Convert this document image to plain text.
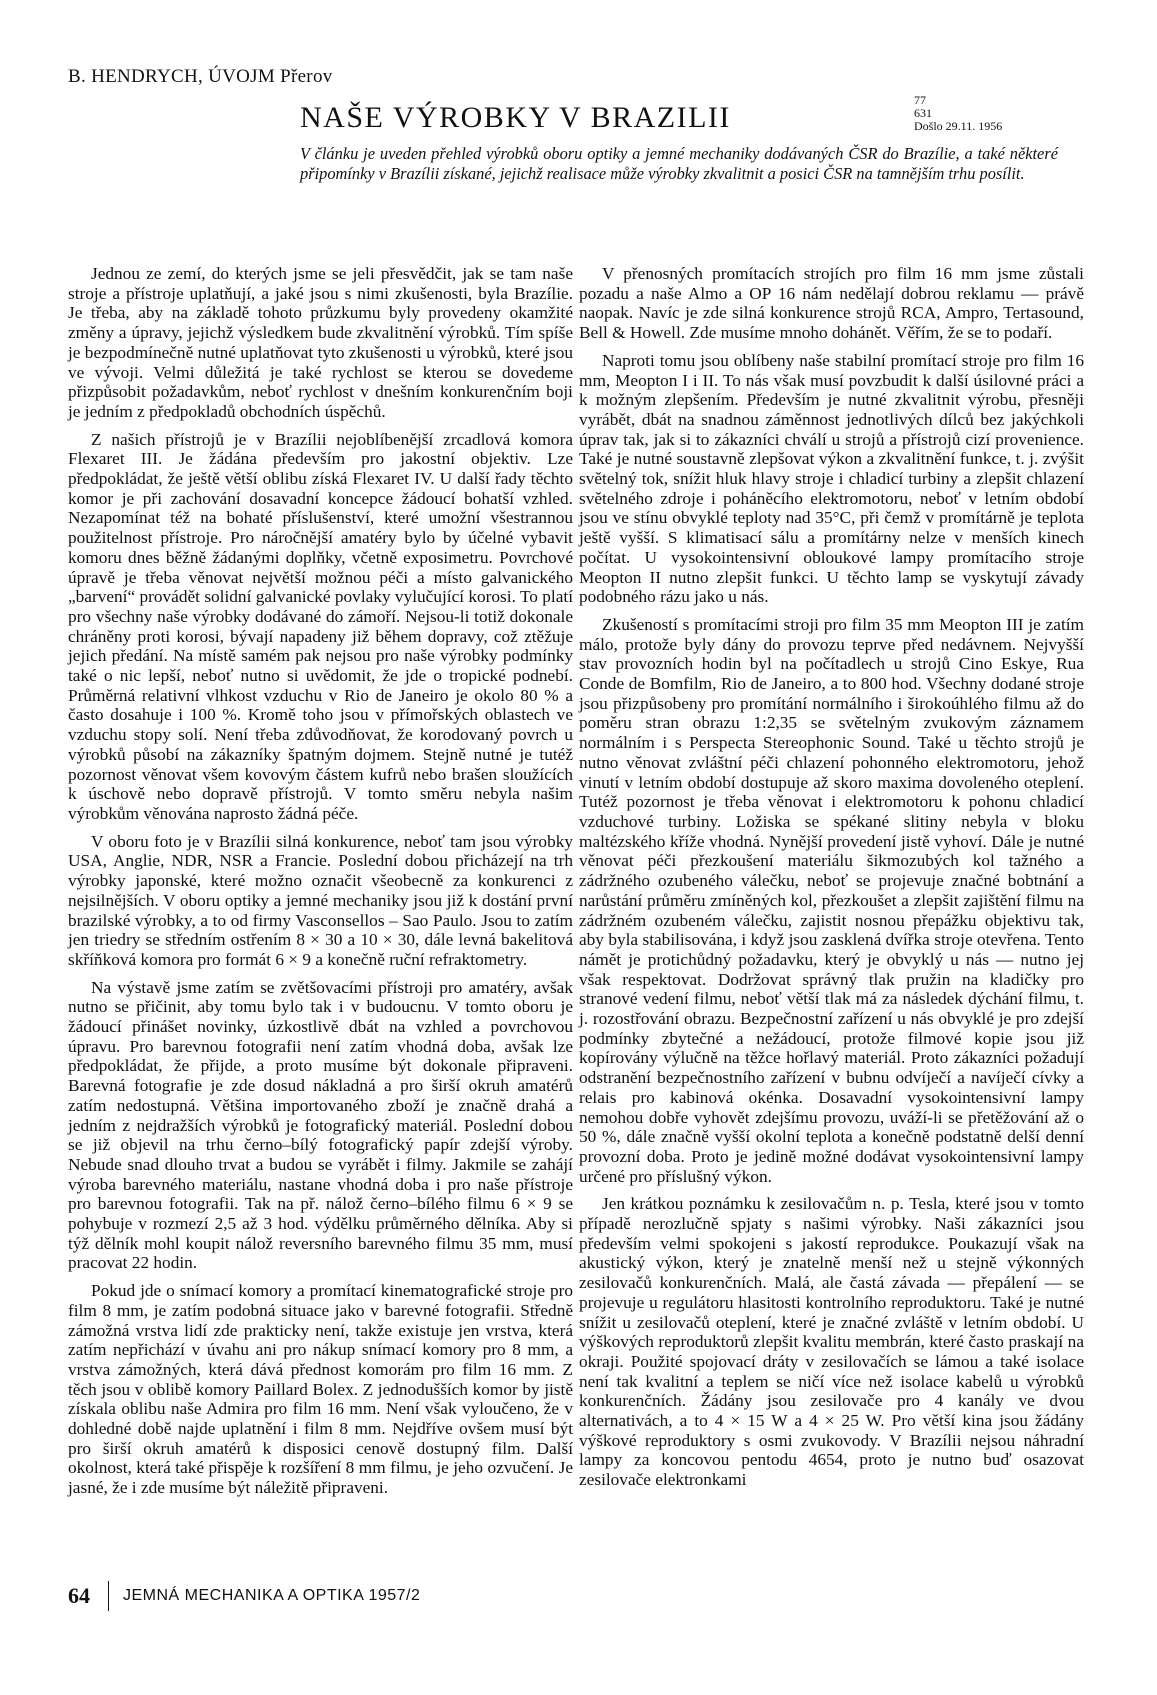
B. HENDRYCH, ÚVOJM Přerov
NAŠE VÝROBKY V BRAZILII
77
631
Došlo 29.11. 1956
V článku je uveden přehled výrobků oboru optiky a jemné mechaniky dodávaných ČSR do Brazílie, a také některé připomínky v Brazílii získané, jejichž realisace může výrobky zkvalitnit a posici ČSR na tamnějším trhu posílit.

Jednou ze zemí, do kterých jsme se jeli přesvědčit, jak se tam naše stroje a přístroje uplatňují, a jaké jsou s nimi zkušenosti, byla Brazílie. Je třeba, aby na základě tohoto průzkumu byly provedeny okamžité změny a úpravy, jejichž výsledkem bude zkvalitnění výrobků. Tím spíše je bezpodmínečně nutné uplatňovat tyto zkušenosti u výrobků, které jsou ve vývoji. Velmi důležitá je také rychlost se kterou se dovedeme přizpůsobit požadavkům, neboť rychlost v dnešním konkurenčním boji je jedním z předpokladů obchodních úspěchů.

Z našich přístrojů je v Brazílii nejoblíbenější zrcadlová komora Flexaret III. Je žádána především pro jakostní objektiv. Lze předpokládat, že ještě větší oblibu získá Flexaret IV. U další řady těchto komor je při zachování dosavadní koncepce žádoucí bohatší vzhled. Nezapomínat též na bohaté příslušenství, které umožní všestrannou použitelnost přístroje. Pro náročnější amatéry bylo by účelné vybavit komoru dnes běžně žádanými doplňky, včetně exposimetru. Povrchové úpravě je třeba věnovat největší možnou péči a místo galvanického „barvení“ provádět solidní galvanické povlaky vylučující korosi. To platí pro všechny naše výrobky dodávané do zámoří. Nejsou-li totiž dokonale chráněny proti korosi, bývají napadeny již během dopravy, což ztěžuje jejich předání. Na místě samém pak nejsou pro naše výrobky podmínky také o nic lepší, neboť nutno si uvědomit, že jde o tropické podnebí. Průměrná relativní vlhkost vzduchu v Rio de Janeiro je okolo 80 % a často dosahuje i 100 %. Kromě toho jsou v přímořských oblastech ve vzduchu stopy solí. Není třeba zdůvodňovat, že korodovaný povrch u výrobků působí na zákazníky špatným dojmem. Stejně nutné je tutéž pozornost věnovat všem kovovým částem kufrů nebo brašen sloužících k úschově nebo dopravě přístrojů. V tomto směru nebyla našim výrobkům věnována naprosto žádná péče.

V oboru foto je v Brazílii silná konkurence, neboť tam jsou výrobky USA, Anglie, NDR, NSR a Francie. Poslední dobou přicházejí na trh výrobky japonské, které možno označit všeobecně za konkurenci z nejsilnějších. V oboru optiky a jemné mechaniky jsou již k dostání první brazilské výrobky, a to od firmy Vasconsellos – Sao Paulo. Jsou to zatím jen triedry se středním ostřením 8 × 30 a 10 × 30, dále levná bakelitová skříňková komora pro formát 6 × 9 a konečně ruční refraktometry.

Na výstavě jsme zatím se zvětšovacími přístroji pro amatéry, avšak nutno se přičinit, aby tomu bylo tak i v budoucnu. V tomto oboru je žádoucí přinášet novinky, úzkostlivě dbát na vzhled a povrchovou úpravu. Pro barevnou fotografii není zatím vhodná doba, avšak lze předpokládat, že přijde, a proto musíme být dokonale připraveni. Barevná fotografie je zde dosud nákladná a pro širší okruh amatérů zatím nedostupná. Většina importovaného zboží je značně drahá a jedním z nejdražších výrobků je fotografický materiál. Poslední dobou se již objevil na trhu černo–bílý fotografický papír zdejší výroby. Nebude snad dlouho trvat a budou se vyrábět i filmy. Jakmile se zahájí výroba barevného materiálu, nastane vhodná doba i pro naše přístroje pro barevnou fotografii. Tak na př. nálož černo–bílého filmu 6 × 9 se pohybuje v rozmezí 2,5 až 3 hod. výdělku průměrného dělníka. Aby si týž dělník mohl koupit nálož reversního barevného filmu 35 mm, musí pracovat 22 hodin.

Pokud jde o snímací komory a promítací kinematografické stroje pro film 8 mm, je zatím podobná situace jako v barevné fotografii. Středně zámožná vrstva lidí zde prakticky není, takže existuje jen vrstva, která zatím nepřichází v úvahu ani pro nákup snímací komory pro 8 mm, a vrstva zámožných, která dává přednost komorám pro film 16 mm. Z těch jsou v oblibě komory Paillard Bolex. Z jednodušších komor by jistě získala oblibu naše Admira pro film 16 mm. Není však vyloučeno, že v dohledné době najde uplatnění i film 8 mm. Nejdříve ovšem musí být pro širší okruh amatérů k disposici cenově dostupný film. Další okolnost, která také přispěje k rozšíření 8 mm filmu, je jeho ozvučení. Je jasné, že i zde musíme být náležitě připraveni.

V přenosných promítacích strojích pro film 16 mm jsme zůstali pozadu a naše Almo a OP 16 nám nedělají dobrou reklamu — právě naopak. Navíc je zde silná konkurence strojů RCA, Ampro, Tertasound, Bell & Howell. Zde musíme mnoho dohánět. Věřím, že se to podaří.

Naproti tomu jsou oblíbeny naše stabilní promítací stroje pro film 16 mm, Meopton I i II. To nás však musí povzbudit k další úsilovné práci a k možným zlepšením. Především je nutné zkvalitnit výrobu, přesněji vyrábět, dbát na snadnou záměnnost jednotlivých dílců bez jakýchkoli úprav tak, jak si to zákazníci chválí u strojů a přístrojů cizí provenience. Také je nutné soustavně zlepšovat výkon a zkvalitnění funkce, t. j. zvýšit světelný tok, snížit hluk hlavy stroje i chladicí turbiny a zlepšit chlazení světelného zdroje i poháněcího elektromotoru, neboť v letním období jsou ve stínu obvyklé teploty nad 35°C, při čemž v promítárně je teplota ještě vyšší. S klimatisací sálu a promítárny nelze v menších kinech počítat. U vysokointensivní obloukové lampy promítacího stroje Meopton II nutno zlepšit funkci. U těchto lamp se vyskytují závady podobného rázu jako u nás.

Zkušeností s promítacími stroji pro film 35 mm Meopton III je zatím málo, protože byly dány do provozu teprve před nedávnem. Nejvyšší stav provozních hodin byl na počítadlech u strojů Cino Eskye, Rua Conde de Bomfilm, Rio de Janeiro, a to 800 hod. Všechny dodané stroje jsou přizpůsobeny pro promítání normálního i širokoúhlého filmu až do poměru stran obrazu 1:2,35 se světelným zvukovým záznamem normálním i s Perspecta Stereophonic Sound. Také u těchto strojů je nutno věnovat zvláštní péči chlazení pohonného elektromotoru, jehož vinutí v letním období dostupuje až skoro maxima dovoleného oteplení. Tutéž pozornost je třeba věnovat i elektromotoru k pohonu chladicí vzduchové turbiny. Ložiska se spékané slitiny nebyla v bloku maltézského kříže vhodná. Nynější provedení jistě vyhoví. Dále je nutné věnovat péči přezkoušení materiálu šikmozubých kol tažného a zádržného ozubeného válečku, neboť se projevuje značné bobtnání a narůstání průměru zmíněných kol, přezkoušet a zlepšit zajištění filmu na zádržném ozubeném válečku, zajistit nosnou přepážku objektivu tak, aby byla stabilisována, i když jsou zasklená dvířka stroje otevřena. Tento námět je protichůdný požadavku, který je obvyklý u nás — nutno jej však respektovat. Dodržovat správný tlak pružin na kladičky pro stranové vedení filmu, neboť větší tlak má za následek dýchání filmu, t. j. rozostřování obrazu. Bezpečnostní zařízení u nás obvyklé je pro zdejší podmínky zbytečné a nežádoucí, protože filmové kopie jsou již kopírovány výlučně na těžce hořlavý materiál. Proto zákazníci požadují odstranění bezpečnostního zařízení v bubnu odvíječí a navíječí cívky a relais pro kabinová okénka. Dosavadní vysokointensivní lampy nemohou dobře vyhovět zdejšímu provozu, uváží-li se přetěžování až o 50 %, dále značně vyšší okolní teplota a konečně podstatně delší denní provozní doba. Proto je jedině možné dodávat vysokointensivní lampy určené pro příslušný výkon.

Jen krátkou poznámku k zesilovačům n. p. Tesla, které jsou v tomto případě nerozlučně spjaty s našimi výrobky. Naši zákazníci jsou především velmi spokojeni s jakostí reprodukce. Poukazují však na akustický výkon, který je znatelně menší než u stejně výkonných zesilovačů konkurenčních. Malá, ale častá závada — přepálení — se projevuje u regulátoru hlasitosti kontrolního reproduktoru. Také je nutné snížit u zesilovačů oteplení, které je značné zvláště v letním období. U výškových reproduktorů zlepšit kvalitu membrán, které často praskají na okraji. Použité spojovací dráty v zesilovačích se lámou a také isolace není tak kvalitní a teplem se ničí více než isolace kabelů u výrobků konkurenčních. Žádány jsou zesilovače pro 4 kanály ve dvou alternativách, a to 4 × 15 W a 4 × 25 W. Pro větší kina jsou žádány výškové reproduktory s osmi zvukovody. V Brazílii nejsou náhradní lampy za koncovou pentodu 4654, proto je nutno buď osazovat zesilovače elektronkami

64 JEMNÁ MECHANIKA A OPTIKA 1957/2
